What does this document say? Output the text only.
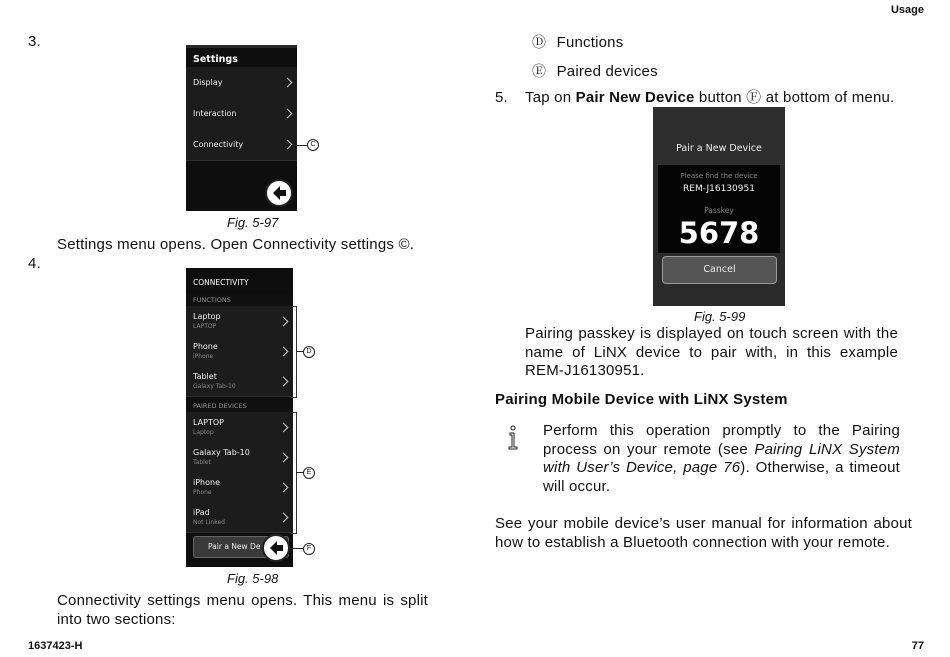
Usage
1637423-H	77
3.
Settings
Display
Interaction
Connectivity	C
Fig. 5-97
Settings menu opens. Open Connectivity settings ©.
4.
CONNECTIVITY
FUNCTIONS
Laptop
LAPTOP
Phone
iPhone
Tablet
Galaxy Tab-10
PAIRED DEVICES
LAPTOP
Laptop
Galaxy Tab-10
Tablet
iPhone
Phone
iPad
Not Linked
Pair a New De
D
E
F
Fig. 5-98
Connectivity settings menu opens. This menu is split into two sections:
Ⓓ Functions
Ⓔ Paired devices
5. Tap on Pair New Device button Ⓕ at bottom of menu.
Pair a New Device
Please find the device
REM-J16130951
Passkey
5678
Cancel
Fig. 5-99
Pairing passkey is displayed on touch screen with the name of LiNX device to pair with, in this example REM-J16130951.
Pairing Mobile Device with LiNX System
Perform this operation promptly to the Pairing process on your remote (see Pairing LiNX System with User’s Device, page 76). Otherwise, a timeout will occur.
See your mobile device’s user manual for information about how to establish a Bluetooth connection with your remote.
